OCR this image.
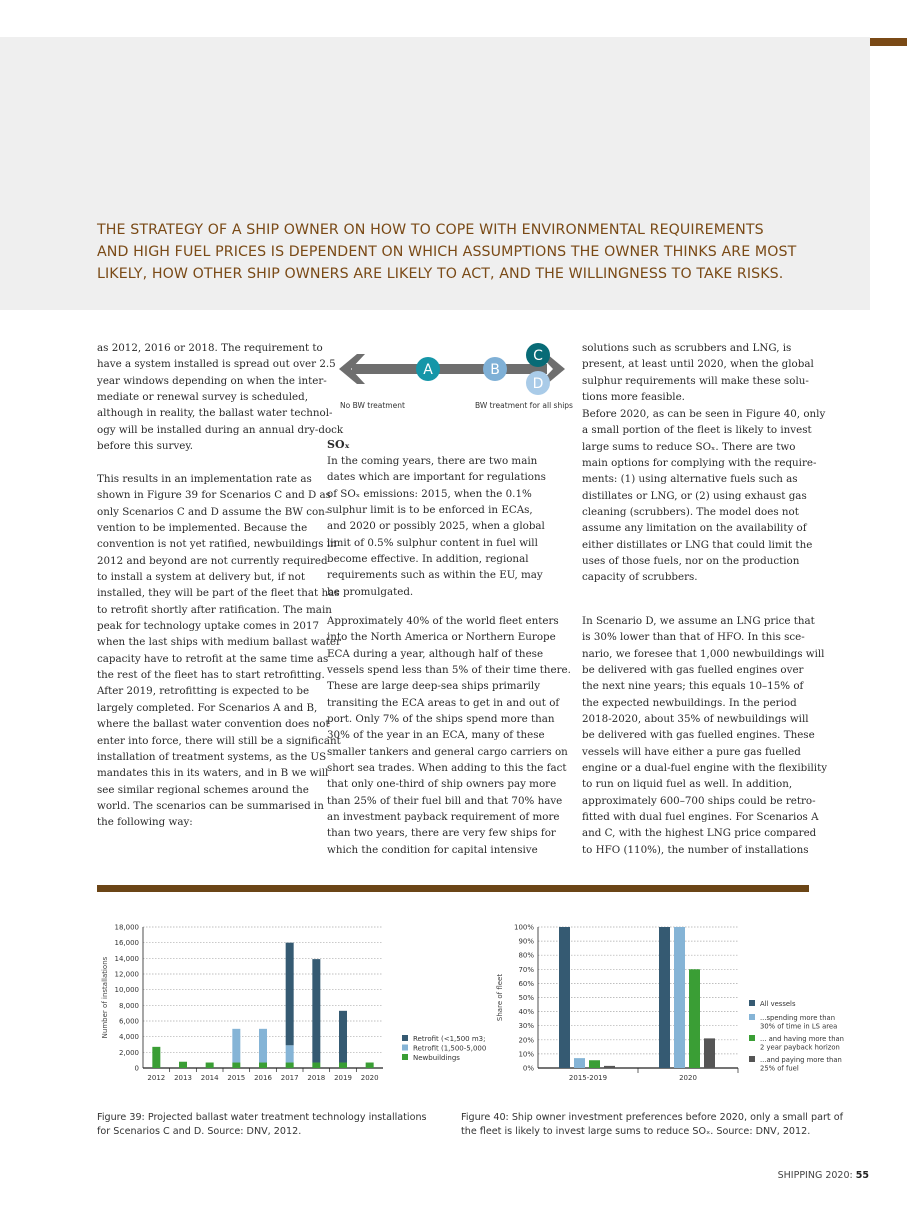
THE STRATEGY OF A SHIP OWNER ON HOW TO COPE WITH ENVIRONMENTAL REQUIREMENTS
AND HIGH FUEL PRICES IS DEPENDENT ON WHICH ASSUMPTIONS THE OWNER THINKS ARE MOST
LIKELY, HOW OTHER SHIP OWNERS ARE LIKELY TO ACT, AND THE WILLINGNESS TO TAKE RISKS.

as 2012, 2016 or 2018. The requirement to
have a system installed is spread out over 2.5
year windows depending on when the inter-
mediate or renewal survey is scheduled,
although in reality, the ballast water technol-
ogy will be installed during an annual dry-dock
before this survey.

This results in an implementation rate as
shown in Figure 39 for Scenarios C and D as
only Scenarios C and D assume the BW con-
vention to be implemented. Because the
convention is not yet ratified, newbuildings in
2012 and beyond are not currently required
to install a system at delivery but, if not
installed, they will be part of the fleet that has
to retrofit shortly after ratification. The main
peak for technology uptake comes in 2017
when the last ships with medium ballast water
capacity have to retrofit at the same time as
the rest of the fleet has to start retrofitting.
After 2019, retrofitting is expected to be
largely completed. For Scenarios A and B,
where the ballast water convention does not
enter into force, there will still be a significant
installation of treatment systems, as the US
mandates this in its waters, and in B we will
see similar regional schemes around the
world. The scenarios can be summarised in
the following way:

A	B
C
D
No BW treatment	BW treatment for all ships

SOₓ

In the coming years, there are two main
dates which are important for regulations
of SOₓ emissions: 2015, when the 0.1%
sulphur limit is to be enforced in ECAs,
and 2020 or possibly 2025, when a global
limit of 0.5% sulphur content in fuel will
become effective. In addition, regional
requirements such as within the EU, may
be promulgated.

Approximately 40% of the world fleet enters
into the North America or Northern Europe
ECA during a year, although half of these
vessels spend less than 5% of their time there.
These are large deep-sea ships primarily
transiting the ECA areas to get in and out of
port. Only 7% of the ships spend more than
30% of the year in an ECA, many of these
smaller tankers and general cargo carriers on
short sea trades. When adding to this the fact
that only one-third of ship owners pay more
than 25% of their fuel bill and that 70% have
an investment payback requirement of more
than two years, there are very few ships for
which the condition for capital intensive

solutions such as scrubbers and LNG, is
present, at least until 2020, when the global
sulphur requirements will make these solu-
tions more feasible.

Before 2020, as can be seen in Figure 40, only
a small portion of the fleet is likely to invest
large sums to reduce SOₓ. There are two
main options for complying with the require-
ments: (1) using alternative fuels such as
distillates or LNG, or (2) using exhaust gas
cleaning (scrubbers). The model does not
assume any limitation on the availability of
either distillates or LNG that could limit the
uses of those fuels, nor on the production
capacity of scrubbers.

In Scenario D, we assume an LNG price that
is 30% lower than that of HFO. In this sce-
nario, we foresee that 1,000 newbuildings will
be delivered with gas fuelled engines over
the next nine years; this equals 10–15% of
the expected newbuildings. In the period
2018-2020, about 35% of newbuildings will
be delivered with gas fuelled engines. These
vessels will have either a pure gas fuelled
engine or a dual-fuel engine with the flexibility
to run on liquid fuel as well. In addition,
approximately 600–700 ships could be retro-
fitted with dual fuel engines. For Scenarios A
and C, with the highest LNG price compared
to HFO (110%), the number of installations

0
2,000
4,000
6,000
8,000
10,000
12,000
14,000
16,000
18,000
Number of installations
2012 2013 2014 2015 2016 2017 2018 2019 2020
Retrofit (<1,500 m3;
Retrofit (1,500-5,000
Newbuildings
0%
10%
20%
30%
40%
50%
60%
70%
80%
90%
100%
Share of fleet
2015-2019	2020
All vessels
...spending more than
30% of time in LS area
... and having more than
2 year payback horizon
...and paying more than
25% of fuel
Figure 39: Projected ballast water treatment technology installations
for Scenarios C and D. Source: DNV, 2012.
Figure 40: Ship owner investment preferences before 2020, only a small part of
the fleet is likely to invest large sums to reduce SOₓ. Source: DNV, 2012.
SHIPPING 2020: 55
